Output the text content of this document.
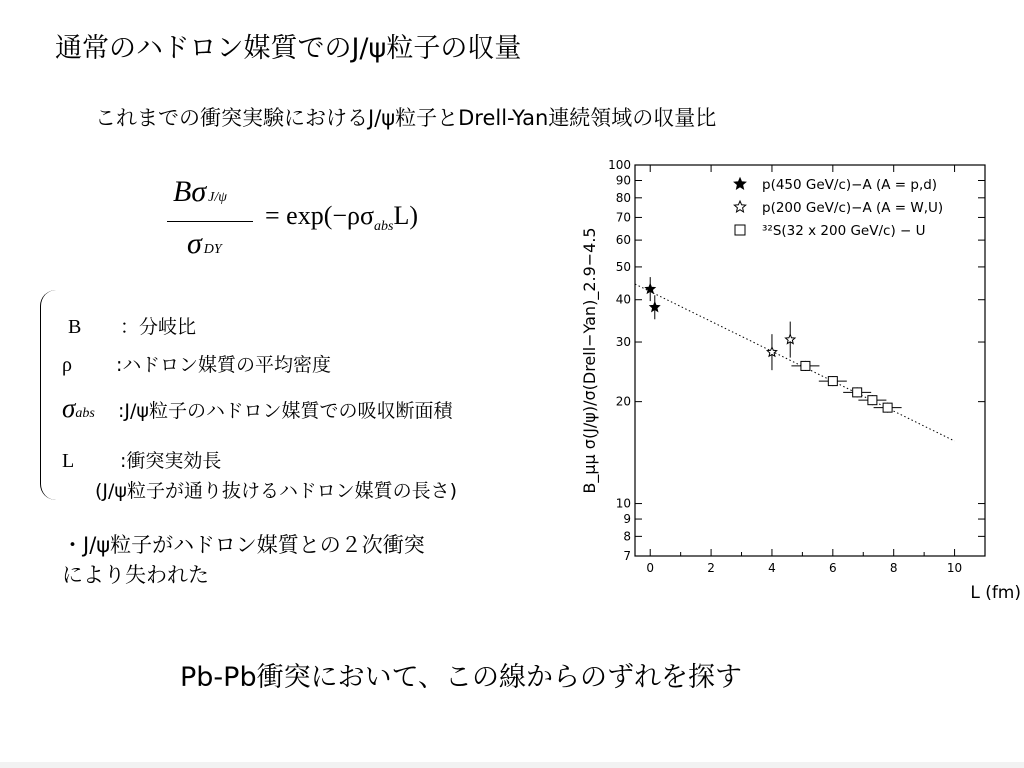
通常のハドロン媒質でのJ/ψ粒子の収量
これまでの衝突実験におけるJ/ψ粒子とDrell-Yan連続領域の収量比
Bσ J/ψ
σDY
= $\exp(-\rho\sigma_{abs}L)$
B ：分岐比
ρ :ハドロン媒質の平均密度
σabs :J/ψ粒子のハドロン媒質での吸収断面積
L :衝突実効長
(J/ψ粒子が通り抜けるハドロン媒質の長さ)
・J/ψ粒子がハドロン媒質との２次衝突
により失われた
Pb-Pb衝突において、この線からのずれを探す
0	2	4	6	8	10
100
90
80
70
60
50
40
30
20
10
9
8
7
L (fm)
B_μμ σ(J/ψ)/σ(Drell−Yan)_2.9−4.5
p(450 GeV/c)−A (A = p,d)
p(200 GeV/c)−A (A = W,U)
³²S(32 x 200 GeV/c) − U
